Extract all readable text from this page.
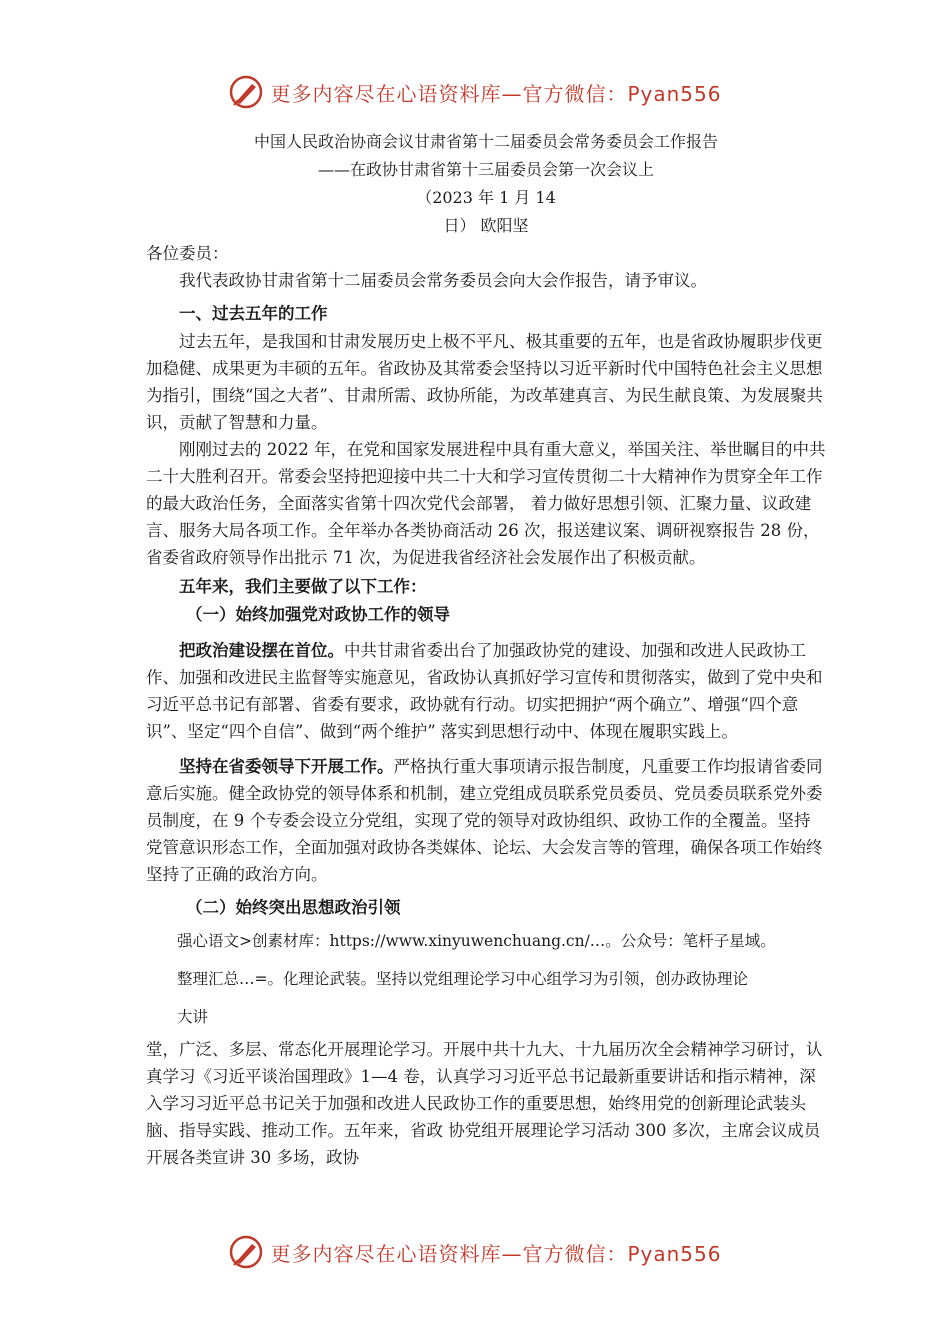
更多内容尽在心语资料库—官方微信：Pyan556
中国人民政治协商会议甘肃省第十二届委员会常务委员会工作报告
——在政协甘肃省第十三届委员会第一次会议上
（2023 年 1 月 14
日） 欧阳坚

各位委员：

我代表政协甘肃省第十二届委员会常务委员会向大会作报告，请予审议。

一、过去五年的工作

过去五年，是我国和甘肃发展历史上极不平凡、极其重要的五年，也是省政协履职步伐更加稳健、成果更为丰硕的五年。省政协及其常委会坚持以习近平新时代中国特色社会主义思想为指引，围绕“国之大者”、甘肃所需、政协所能，为改革建真言、为民生献良策、为发展聚共识，贡献了智慧和力量。

刚刚过去的 2022 年，在党和国家发展进程中具有重大意义，举国关注、举世瞩目的中共二十大胜利召开。常委会坚持把迎接中共二十大和学习宣传贯彻二十大精神作为贯穿全年工作的最大政治任务，全面落实省第十四次党代会部署， 着力做好思想引领、汇聚力量、议政建言、服务大局各项工作。全年举办各类协商活动 26 次，报送建议案、调研视察报告 28 份，省委省政府领导作出批示 71 次，为促进我省经济社会发展作出了积极贡献。

五年来，我们主要做了以下工作：
（一）始终加强党对政协工作的领导

把政治建设摆在首位。中共甘肃省委出台了加强政协党的建设、加强和改进人民政协工作、加强和改进民主监督等实施意见，省政协认真抓好学习宣传和贯彻落实，做到了党中央和习近平总书记有部署、省委有要求，政协就有行动。切实把拥护“两个确立”、增强“四个意识”、坚定“四个自信”、做到“两个维护” 落实到思想行动中、体现在履职实践上。

坚持在省委领导下开展工作。严格执行重大事项请示报告制度，凡重要工作均报请省委同意后实施。健全政协党的领导体系和机制，建立党组成员联系党员委员、党员委员联系党外委员制度，在 9 个专委会设立分党组，实现了党的领导对政协组织、政协工作的全覆盖。坚持党管意识形态工作，全面加强对政协各类媒体、论坛、大会发言等的管理，确保各项工作始终坚持了正确的政治方向。

（二）始终突出思想政治引领

强心语文>创素材库：https://www.xinyuwenchuang.cn/…。公众号：笔杆子星域。

整理汇总…=。化理论武装。坚持以党组理论学习中心组学习为引领，创办政协理论

大讲

堂，广泛、多层、常态化开展理论学习。开展中共十九大、十九届历次全会精神学习研讨，认真学习《习近平谈治国理政》1—4 卷，认真学习习近平总书记最新重要讲话和指示精神，深入学习习近平总书记关于加强和改进人民政协工作的重要思想，始终用党的创新理论武装头脑、指导实践、推动工作。五年来，省政 协党组开展理论学习活动 300 多次，主席会议成员开展各类宣讲 30 多场，政协

更多内容尽在心语资料库—官方微信：Pyan556
